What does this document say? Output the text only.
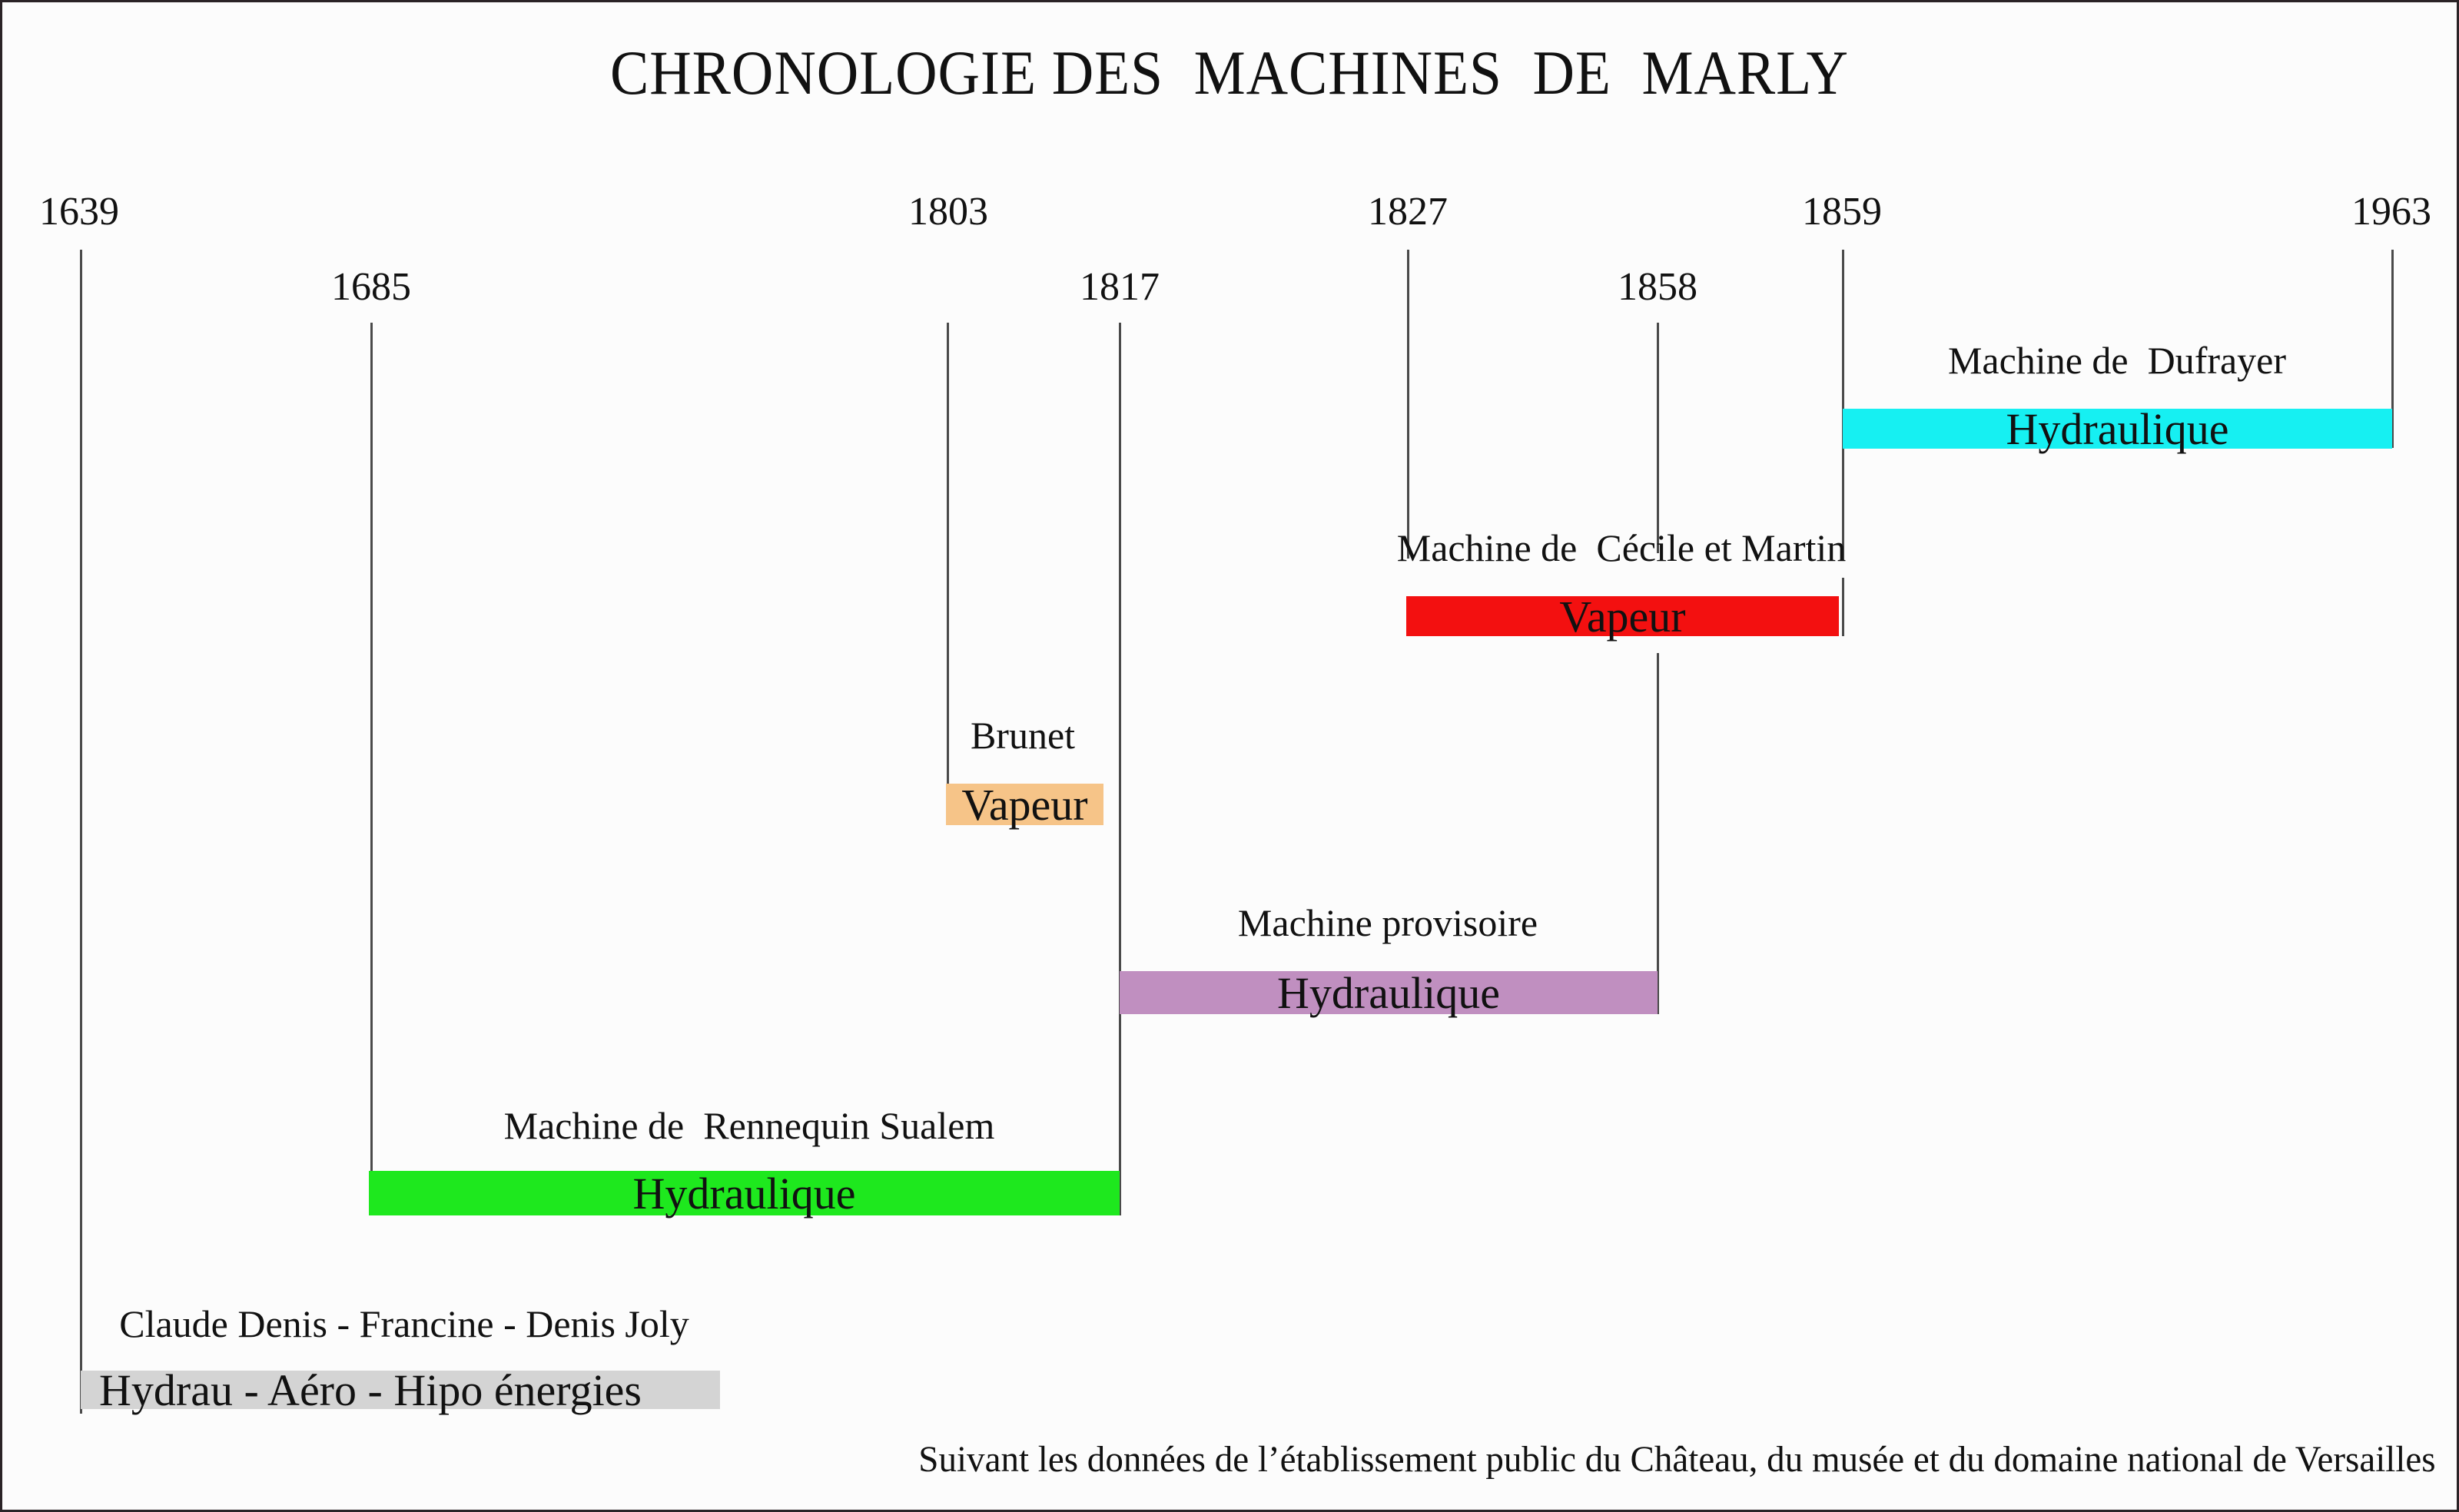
CHRONOLOGIE DES  MACHINES  DE  MARLY
1639
1685
1803
1817
1827
1858
1859	1963
Machine de  Dufrayer
Hydraulique
Machine de  Cécile et Martin
Vapeur
Brunet
Vapeur
Machine provisoire
Hydraulique
Machine de  Rennequin Sualem
Hydraulique
Claude Denis - Francine - Denis Joly
Hydrau - Aéro - Hipo énergies
Suivant les données de l’établissement public du Château, du musée et du domaine national de Versailles
